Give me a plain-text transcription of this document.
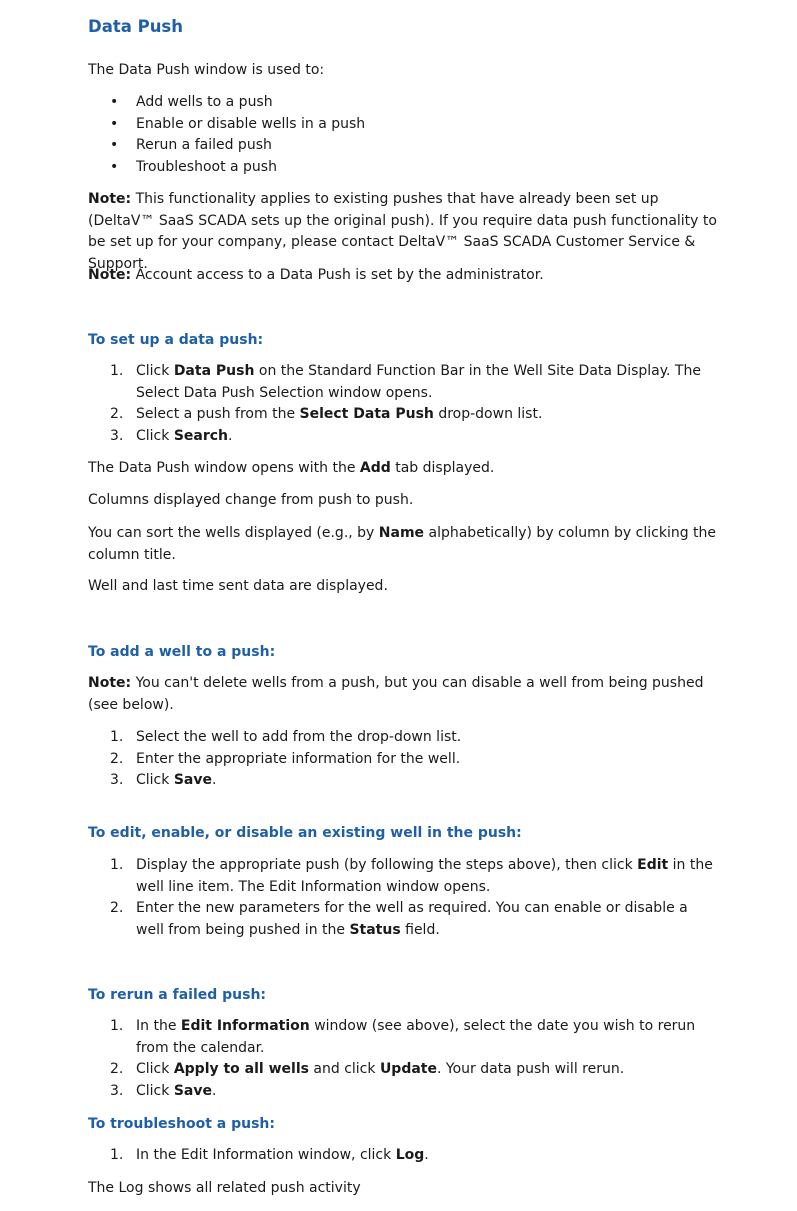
Data Push

The Data Push window is used to:

• Add wells to a push
• Enable or disable wells in a push
• Rerun a failed push
• Troubleshoot a push

Note: This functionality applies to existing pushes that have already been set up (DeltaV™ SaaS SCADA sets up the original push). If you require data push functionality to be set up for your company, please contact DeltaV™ SaaS SCADA Customer Service & Support.

Note: Account access to a Data Push is set by the administrator.

To set up a data push:
1. Click Data Push on the Standard Function Bar in the Well Site Data Display. The Select Data Push Selection window opens.
2. Select a push from the Select Data Push drop-down list.
3. Click Search.

The Data Push window opens with the Add tab displayed.

Columns displayed change from push to push.

You can sort the wells displayed (e.g., by Name alphabetically) by column by clicking the column title.

Well and last time sent data are displayed.

To add a well to a push:

Note: You can't delete wells from a push, but you can disable a well from being pushed (see below).

1. Select the well to add from the drop-down list.
2. Enter the appropriate information for the well.
3. Click Save.
To edit, enable, or disable an existing well in the push:
1. Display the appropriate push (by following the steps above), then click Edit in the well line item. The Edit Information window opens.
2. Enter the new parameters for the well as required. You can enable or disable a well from being pushed in the Status field.
To rerun a failed push:
1. In the Edit Information window (see above), select the date you wish to rerun from the calendar.
2. Click Apply to all wells and click Update. Your data push will rerun.
3. Click Save.
To troubleshoot a push:
1. In the Edit Information window, click Log.

The Log shows all related push activity
